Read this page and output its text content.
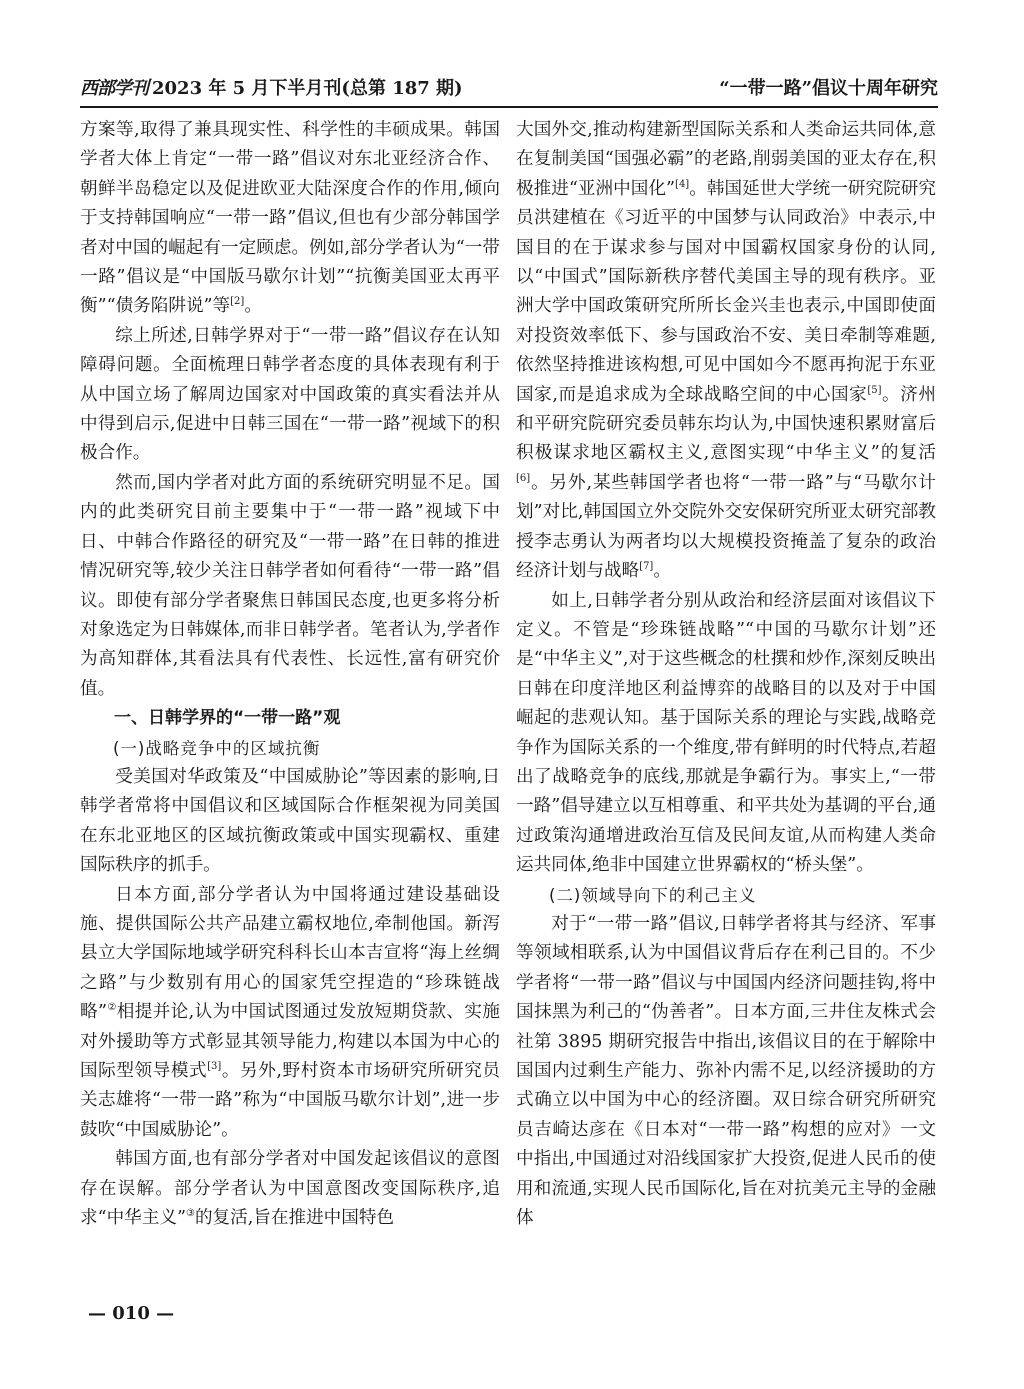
西部学刊 2023 年 5 月下半月刊(总第 187 期)	“一带一路”倡议十周年研究

方案等,取得了兼具现实性、科学性的丰硕成果。韩国学者大体上肯定“一带一路”倡议对东北亚经济合作、朝鲜半岛稳定以及促进欧亚大陆深度合作的作用,倾向于支持韩国响应“一带一路”倡议,但也有少部分韩国学者对中国的崛起有一定顾虑。例如,部分学者认为“一带一路”倡议是“中国版马歇尔计划”“抗衡美国亚太再平衡”“债务陷阱说”等[2]。

综上所述,日韩学界对于“一带一路”倡议存在认知障碍问题。全面梳理日韩学者态度的具体表现有利于从中国立场了解周边国家对中国政策的真实看法并从中得到启示,促进中日韩三国在“一带一路”视域下的积极合作。

然而,国内学者对此方面的系统研究明显不足。国内的此类研究目前主要集中于“一带一路”视域下中日、中韩合作路径的研究及“一带一路”在日韩的推进情况研究等,较少关注日韩学者如何看待“一带一路”倡议。即使有部分学者聚焦日韩国民态度,也更多将分析对象选定为日韩媒体,而非日韩学者。笔者认为,学者作为高知群体,其看法具有代表性、长远性,富有研究价值。

一、日韩学界的“一带一路”观

(一)战略竞争中的区域抗衡

受美国对华政策及“中国威胁论”等因素的影响,日韩学者常将中国倡议和区域国际合作框架视为同美国在东北亚地区的区域抗衡政策或中国实现霸权、重建国际秩序的抓手。

日本方面,部分学者认为中国将通过建设基础设施、提供国际公共产品建立霸权地位,牵制他国。新泻县立大学国际地域学研究科科长山本吉宣将“海上丝绸之路”与少数别有用心的国家凭空捏造的“珍珠链战略”②相提并论,认为中国试图通过发放短期贷款、实施对外援助等方式彰显其领导能力,构建以本国为中心的国际型领导模式[3]。另外,野村资本市场研究所研究员关志雄将“一带一路”称为“中国版马歇尔计划”,进一步鼓吹“中国威胁论”。

韩国方面,也有部分学者对中国发起该倡议的意图存在误解。部分学者认为中国意图改变国际秩序,追求“中华主义”③的复活,旨在推进中国特色

大国外交,推动构建新型国际关系和人类命运共同体,意在复制美国“国强必霸”的老路,削弱美国的亚太存在,积极推进“亚洲中国化”[4]。韩国延世大学统一研究院研究员洪建植在《习近平的中国梦与认同政治》中表示,中国目的在于谋求参与国对中国霸权国家身份的认同,以“中国式”国际新秩序替代美国主导的现有秩序。亚洲大学中国政策研究所所长金兴圭也表示,中国即使面对投资效率低下、参与国政治不安、美日牵制等难题,依然坚持推进该构想,可见中国如今不愿再拘泥于东亚国家,而是追求成为全球战略空间的中心国家[5]。济州和平研究院研究委员韩东均认为,中国快速积累财富后积极谋求地区霸权主义,意图实现“中华主义”的复活[6]。另外,某些韩国学者也将“一带一路”与“马歇尔计划”对比,韩国国立外交院外交安保研究所亚太研究部教授李志勇认为两者均以大规模投资掩盖了复杂的政治经济计划与战略[7]。

如上,日韩学者分别从政治和经济层面对该倡议下定义。不管是“珍珠链战略”“中国的马歇尔计划”还是“中华主义”,对于这些概念的杜撰和炒作,深刻反映出日韩在印度洋地区利益博弈的战略目的以及对于中国崛起的悲观认知。基于国际关系的理论与实践,战略竞争作为国际关系的一个维度,带有鲜明的时代特点,若超出了战略竞争的底线,那就是争霸行为。事实上,“一带一路”倡导建立以互相尊重、和平共处为基调的平台,通过政策沟通增进政治互信及民间友谊,从而构建人类命运共同体,绝非中国建立世界霸权的“桥头堡”。

(二)领域导向下的利己主义

对于“一带一路”倡议,日韩学者将其与经济、军事等领域相联系,认为中国倡议背后存在利己目的。不少学者将“一带一路”倡议与中国国内经济问题挂钩,将中国抹黑为利己的“伪善者”。日本方面,三井住友株式会社第 3895 期研究报告中指出,该倡议目的在于解除中国国内过剩生产能力、弥补内需不足,以经济援助的方式确立以中国为中心的经济圈。双日综合研究所研究员吉崎达彦在《日本对“一带一路”构想的应对》一文中指出,中国通过对沿线国家扩大投资,促进人民币的使用和流通,实现人民币国际化,旨在对抗美元主导的金融体

— 010 —
